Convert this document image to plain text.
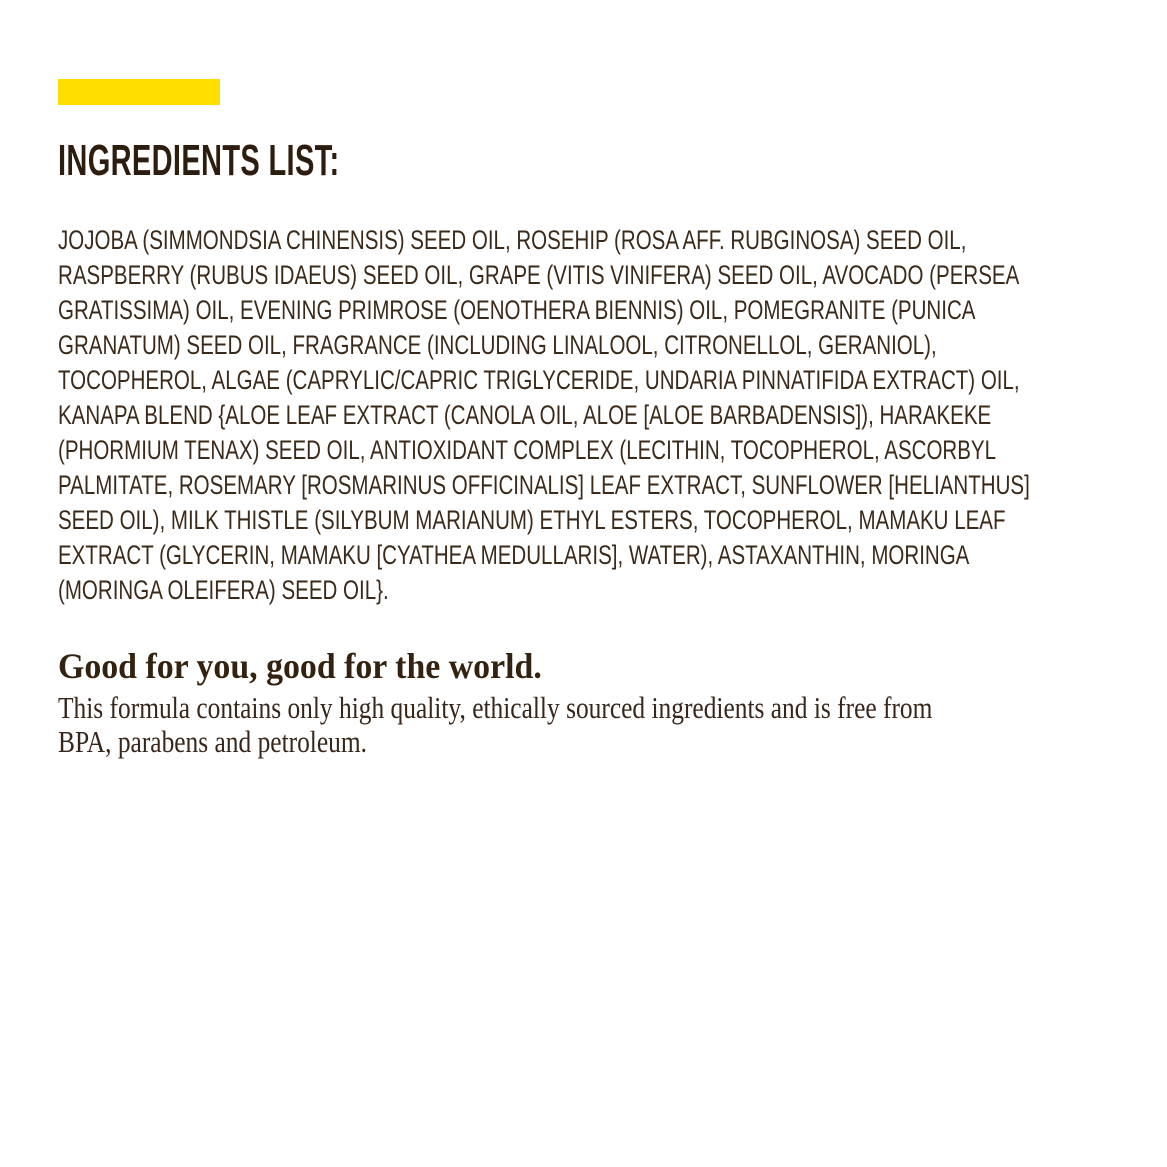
INGREDIENTS LIST:
JOJOBA (SIMMONDSIA CHINENSIS) SEED OIL, ROSEHIP (ROSA AFF. RUBGINOSA) SEED OIL,
RASPBERRY (RUBUS IDAEUS) SEED OIL, GRAPE (VITIS VINIFERA) SEED OIL, AVOCADO (PERSEA
GRATISSIMA) OIL, EVENING PRIMROSE (OENOTHERA BIENNIS) OIL, POMEGRANITE (PUNICA
GRANATUM) SEED OIL, FRAGRANCE (INCLUDING LINALOOL, CITRONELLOL, GERANIOL),
TOCOPHEROL, ALGAE (CAPRYLIC/CAPRIC TRIGLYCERIDE, UNDARIA PINNATIFIDA EXTRACT) OIL,
KANAPA BLEND {ALOE LEAF EXTRACT (CANOLA OIL, ALOE [ALOE BARBADENSIS]), HARAKEKE
(PHORMIUM TENAX) SEED OIL, ANTIOXIDANT COMPLEX (LECITHIN, TOCOPHEROL, ASCORBYL
PALMITATE, ROSEMARY [ROSMARINUS OFFICINALIS] LEAF EXTRACT, SUNFLOWER [HELIANTHUS]
SEED OIL), MILK THISTLE (SILYBUM MARIANUM) ETHYL ESTERS, TOCOPHEROL, MAMAKU LEAF
EXTRACT (GLYCERIN, MAMAKU [CYATHEA MEDULLARIS], WATER), ASTAXANTHIN, MORINGA
(MORINGA OLEIFERA) SEED OIL}.
Good for you, good for the world.
This formula contains only high quality, ethically sourced ingredients and is free from
BPA, parabens and petroleum.
